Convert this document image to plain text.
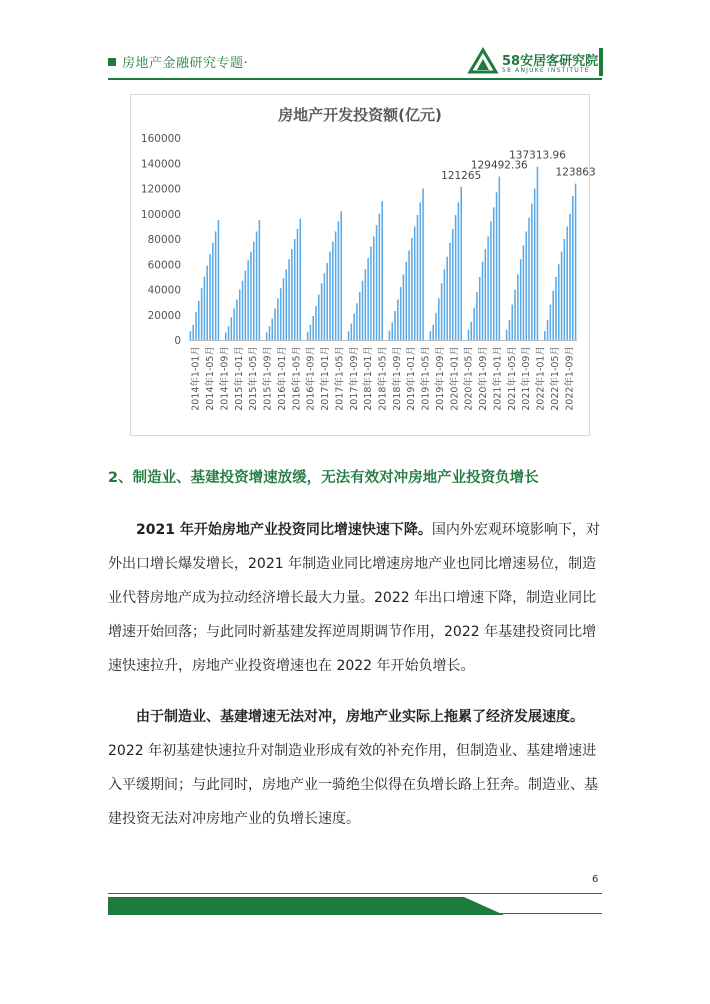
房地产金融研究专题·	58安居客研究院
58 ANJUKE INSTITUTE
房地产开发投资额(亿元)
160000
140000
120000
100000
80000
60000
40000
20000
0
2014年1-01月 2014年1-05月 2014年1-09月 2015年1-01月 2015年1-05月 2015年1-09月 2016年1-01月 2016年1-05月 2016年1-09月 2017年1-01月 2017年1-05月 2017年1-09月 2018年1-01月 2018年1-05月 2018年1-09月 2019年1-01月 2019年1-05月 2019年1-09月 2020年1-01月 2020年1-05月 2020年1-09月 2021年1-01月 2021年1-05月 2021年1-09月 2022年1-01月 2022年1-05月 2022年1-09月
121265
129492.36
137313.96
123863
2、制造业、基建投资增速放缓，无法有效对冲房地产业投资负增长
2021 年开始房地产业投资同比增速快速下降。国内外宏观环境影响下，对
外出口增长爆发增长，2021 年制造业同比增速房地产业也同比增速易位，制造
业代替房地产成为拉动经济增长最大力量。2022 年出口增速下降，制造业同比
增速开始回落；与此同时新基建发挥逆周期调节作用，2022 年基建投资同比增
速快速拉升，房地产业投资增速也在 2022 年开始负增长。
由于制造业、基建增速无法对冲，房地产业实际上拖累了经济发展速度。
2022 年初基建快速拉升对制造业形成有效的补充作用，但制造业、基建增速进
入平缓期间；与此同时，房地产业一骑绝尘似得在负增长路上狂奔。制造业、基
建投资无法对冲房地产业的负增长速度。
6
